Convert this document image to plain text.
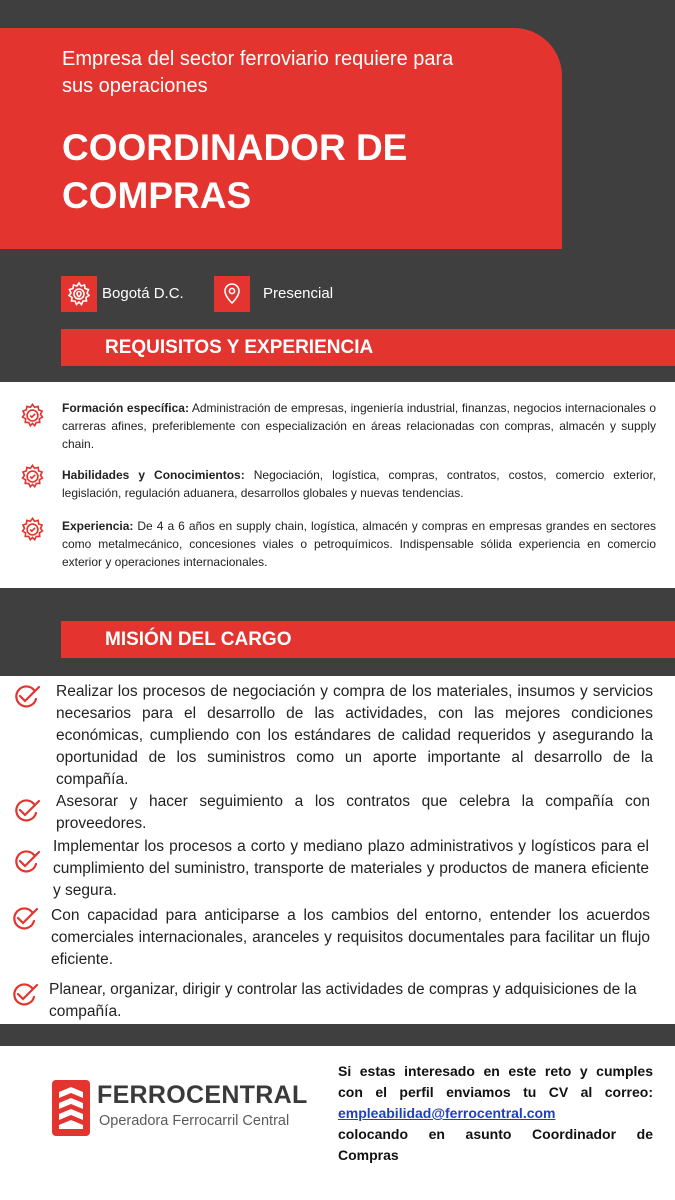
Empresa del sector ferroviario requiere para sus operaciones
COORDINADOR DE COMPRAS
Bogotá D.C.	Presencial
REQUISITOS Y EXPERIENCIA
Formación específica: Administración de empresas, ingeniería industrial, finanzas, negocios internacionales o carreras afines, preferiblemente con especialización en áreas relacionadas con compras, almacén y supply chain.
Habilidades y Conocimientos: Negociación, logística, compras, contratos, costos, comercio exterior, legislación, regulación aduanera, desarrollos globales y nuevas tendencias.
Experiencia: De 4 a 6 años en supply chain, logística, almacén y compras en empresas grandes en sectores como metalmecánico, concesiones viales o petroquímicos. Indispensable sólida experiencia en comercio exterior y operaciones internacionales.
MISIÓN DEL CARGO
Realizar los procesos de negociación y compra de los materiales, insumos y servicios necesarios para el desarrollo de las actividades, con las mejores condiciones económicas, cumpliendo con los estándares de calidad requeridos y asegurando la oportunidad de los suministros como un aporte importante al desarrollo de la compañía.
Asesorar y hacer seguimiento a los contratos que celebra la compañía con proveedores.
Implementar los procesos a corto y mediano plazo administrativos y logísticos para el cumplimiento del suministro, transporte de materiales y productos de manera eficiente y segura.
Con capacidad para anticiparse a los cambios del entorno, entender los acuerdos comerciales internacionales, aranceles y requisitos documentales para facilitar un flujo eficiente.
Planear, organizar, dirigir y controlar las actividades de compras y adquisiciones de la compañía.
FERROCENTRAL
Operadora Ferrocarril Central
Si estas interesado en este reto y cumples
con el perfil enviamos tu CV al correo:
empleabilidad@ferrocentral.com
colocando en asunto Coordinador de
Compras
